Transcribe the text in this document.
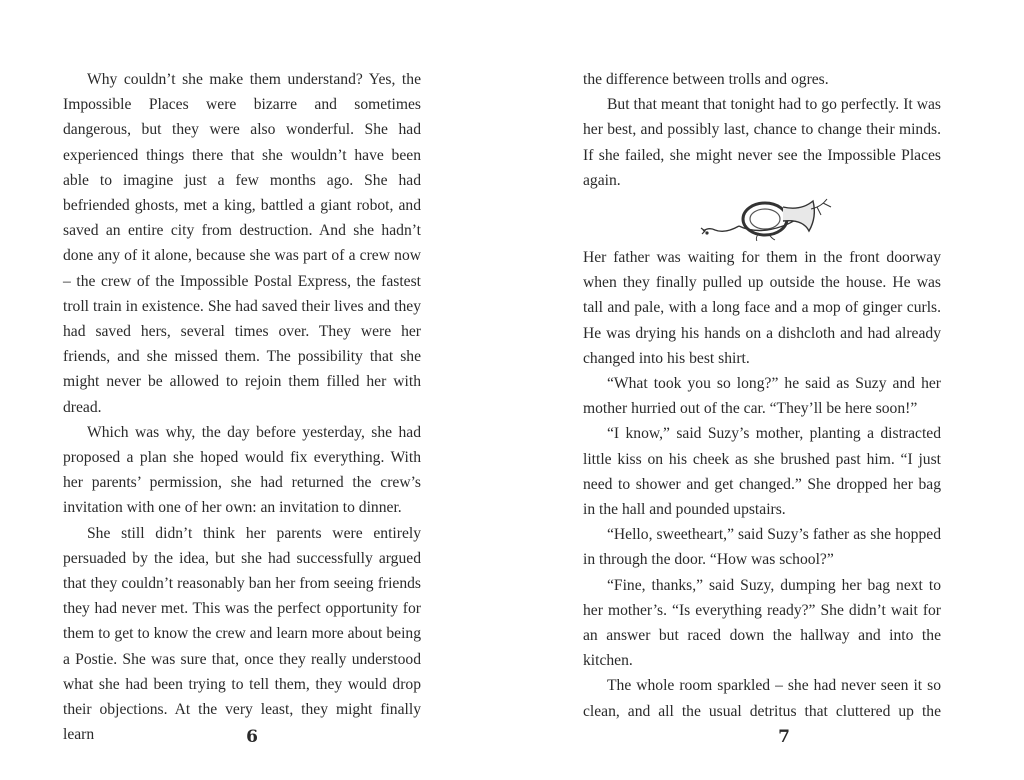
Why couldn’t she make them understand? Yes, the Impossible Places were bizarre and sometimes dangerous, but they were also wonderful. She had experienced things there that she wouldn’t have been able to imagine just a few months ago. She had befriended ghosts, met a king, battled a giant robot, and saved an entire city from destruction. And she hadn’t done any of it alone, because she was part of a crew now – the crew of the Impossible Postal Express, the fastest troll train in existence. She had saved their lives and they had saved hers, several times over. They were her friends, and she missed them. The possibility that she might never be allowed to rejoin them filled her with dread.

Which was why, the day before yesterday, she had proposed a plan she hoped would fix everything. With her parents’ permission, she had returned the crew’s invitation with one of her own: an invitation to dinner.

She still didn’t think her parents were entirely persuaded by the idea, but she had successfully argued that they couldn’t reasonably ban her from seeing friends they had never met. This was the perfect opportunity for them to get to know the crew and learn more about being a Postie. She was sure that, once they really understood what she had been trying to tell them, they would drop their objections. At the very least, they might finally learn	6

the difference between trolls and ogres.

But that meant that tonight had to go perfectly. It was her best, and possibly last, chance to change their minds. If she failed, she might never see the Impossible Places again.

Her father was waiting for them in the front doorway when they finally pulled up outside the house. He was tall and pale, with a long face and a mop of ginger curls. He was drying his hands on a dishcloth and had already changed into his best shirt.

“What took you so long?” he said as Suzy and her mother hurried out of the car. “They’ll be here soon!”

“I know,” said Suzy’s mother, planting a distracted little kiss on his cheek as she brushed past him. “I just need to shower and get changed.” She dropped her bag in the hall and pounded upstairs.

“Hello, sweetheart,” said Suzy’s father as she hopped in through the door. “How was school?”

“Fine, thanks,” said Suzy, dumping her bag next to her mother’s. “Is everything ready?” She didn’t wait for an answer but raced down the hallway and into the kitchen.

The whole room sparkled – she had never seen it so clean, and all the usual detritus that cluttered up the

7
